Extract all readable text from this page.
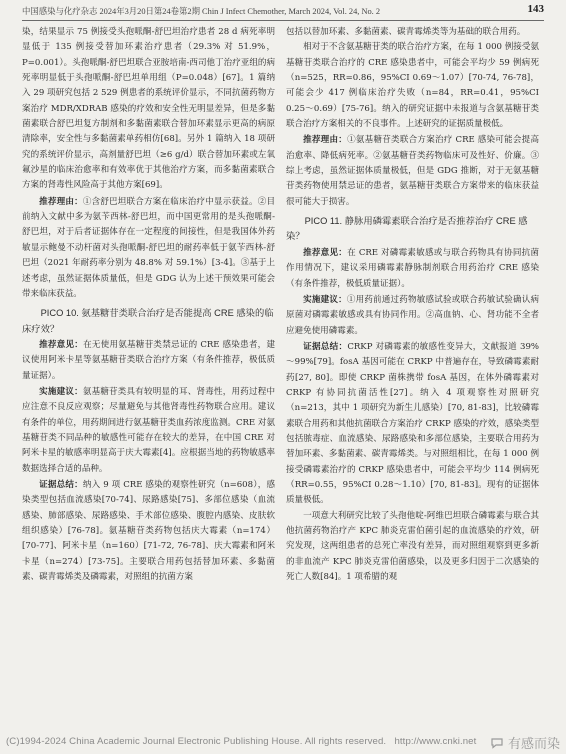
中国感染与化疗杂志 2024年3月20日第24卷第2期 Chin J Infect Chemother, March 2024, Vol. 24, No. 2	143

染，结果显示 75 例接受头孢哌酮-舒巴坦治疗患者 28 d 病死率明显低于 135 例接受替加环素治疗患者（29.3% 对 51.9%，P=0.001）。头孢哌酮-舒巴坦联合亚胺培南-西司他丁治疗亚组的病死率明显低于头孢哌酮-舒巴坦单用组（P=0.048）[67]。1 篇纳入 29 项研究包括 2 529 例患者的系统评价显示，不同抗菌药物方案治疗 MDR/XDRAB 感染的疗效和安全性无明显差异，但是多黏菌素联合舒巴坦复方制剂和多黏菌素联合替加环素显示更高的病原清除率，安全性与多黏菌素单药相仿[68]。另外 1 篇纳入 18 项研究的系统评价显示，高剂量舒巴坦（≥6 g/d）联合替加环素或左氧氟沙星的临床治愈率和有效率优于其他治疗方案，而多黏菌素联合方案的肾毒性风险高于其他方案[69]。

推荐理由：①含舒巴坦联合方案在临床治疗中显示获益。②目前纳入文献中多为氨苄西林-舒巴坦，而中国更常用的是头孢哌酮-舒巴坦，对于后者证据体存在一定程度的间接性，但是我国体外药敏显示鲍曼不动杆菌对头孢哌酮-舒巴坦的耐药率低于氨苄西林-舒巴坦（2021 年耐药率分别为 48.8% 对 59.1%）[3-4]。③基于上述考虑，虽然证据体质量低，但是 GDG 认为上述干预效果可能会带来临床获益。

PICO 10. 氨基糖苷类联合治疗是否能提高 CRE 感染的临床疗效？

推荐意见：在无使用氨基糖苷类禁忌证的 CRE 感染患者，建议使用阿米卡星等氨基糖苷类联合治疗方案（有条件推荐，极低质量证据）。

实施建议：氨基糖苷类具有较明显的耳、肾毒性，用药过程中应注意不良反应观察；尽量避免与其他肾毒性药物联合应用。建议有条件的单位，用药期间进行氨基糖苷类血药浓度监测。CRE 对氨基糖苷类不同品种的敏感性可能存在较大的差异，在中国 CRE 对阿米卡星的敏感率明显高于庆大霉素[4]。应根据当地的药物敏感率数据选择合适的品种。

证据总结：纳入 9 项 CRE 感染的观察性研究（n=608），感染类型包括血流感染[70-74]、尿路感染[75]、多部位感染（血流感染、肺部感染、尿路感染、手术部位感染、腹腔内感染、皮肤软组织感染）[76-78]。氨基糖苷类药物包括庆大霉素（n=174）[70-77]、阿米卡星（n=160）[71-72, 76-78]、庆大霉素和阿米卡星（n=274）[73-75]。主要联合用药包括替加环素、多黏菌素、碳青霉烯类及磷霉素，对照组的抗菌方案

包括以替加环素、多黏菌素、碳青霉烯类等为基础的联合用药。

相对于不含氨基糖苷类的联合治疗方案，在每 1 000 例接受氨基糖苷类联合治疗的 CRE 感染患者中，可能会平均少 59 例病死（n=525，RR=0.86，95%CI 0.69～1.07）[70-74, 76-78]，可能会少 417 例临床治疗失败（n=84，RR=0.41，95%CI 0.25～0.69）[75-76]。纳入的研究证据中未报道与含氨基糖苷类联合治疗方案相关的不良事件。上述研究的证据质量极低。

推荐理由：①氨基糖苷类联合方案治疗 CRE 感染可能会提高治愈率、降低病死率。②氨基糖苷类药物临床可及性好、价廉。③综上考虑，虽然证据体质量极低，但是 GDG 推断，对于无氨基糖苷类药物使用禁忌证的患者，氨基糖苷类联合方案带来的临床获益很可能大于损害。

PICO 11. 静脉用磷霉素联合治疗是否推荐治疗 CRE 感染？

推荐意见：在 CRE 对磷霉素敏感或与联合药物具有协同抗菌作用情况下，建议采用磷霉素静脉制剂联合用药治疗 CRE 感染（有条件推荐，极低质量证据）。

实施建议：①用药前通过药物敏感试验或联合药敏试验确认病原菌对磷霉素敏感或具有协同作用。②高血钠、心、肾功能不全者应避免使用磷霉素。

证据总结：CRKP 对磷霉素的敏感性变异大，文献报道 39%～99%[79]。fosA 基因可能在 CRKP 中普遍存在，导致磷霉素耐药[27, 80]。即使 CRKP 菌株携带 fosA 基因，在体外磷霉素对 CRKP 有协同抗菌活性[27]。纳入 4 项观察性对照研究（n=213，其中 1 项研究为新生儿感染）[70, 81-83]，比较磷霉素联合用药和其他抗菌联合方案治疗 CRKP 感染的疗效，感染类型包括脓毒症、血流感染、尿路感染和多部位感染，主要联合用药为替加环素、多黏菌素、碳青霉烯类。与对照组相比，在每 1 000 例接受磷霉素治疗的 CRKP 感染患者中，可能会平均少 114 例病死（RR=0.55，95%CI 0.28～1.10）[70, 81-83]。现有的证据体质量极低。

一项意大利研究比较了头孢他啶-阿维巴坦联合磷霉素与联合其他抗菌药物治疗产 KPC 肺炎克雷伯菌引起的血流感染的疗效，研究发现，这两组患者的总死亡率没有差异，而对照组观察到更多新的非血流产 KPC 肺炎克雷伯菌感染，以及更多归因于二次感染的死亡人数[84]。1 项希腊的观

(C)1994-2024 China Academic Journal Electronic Publishing House. All rights reserved. http://www.cnki.net 有感而染
